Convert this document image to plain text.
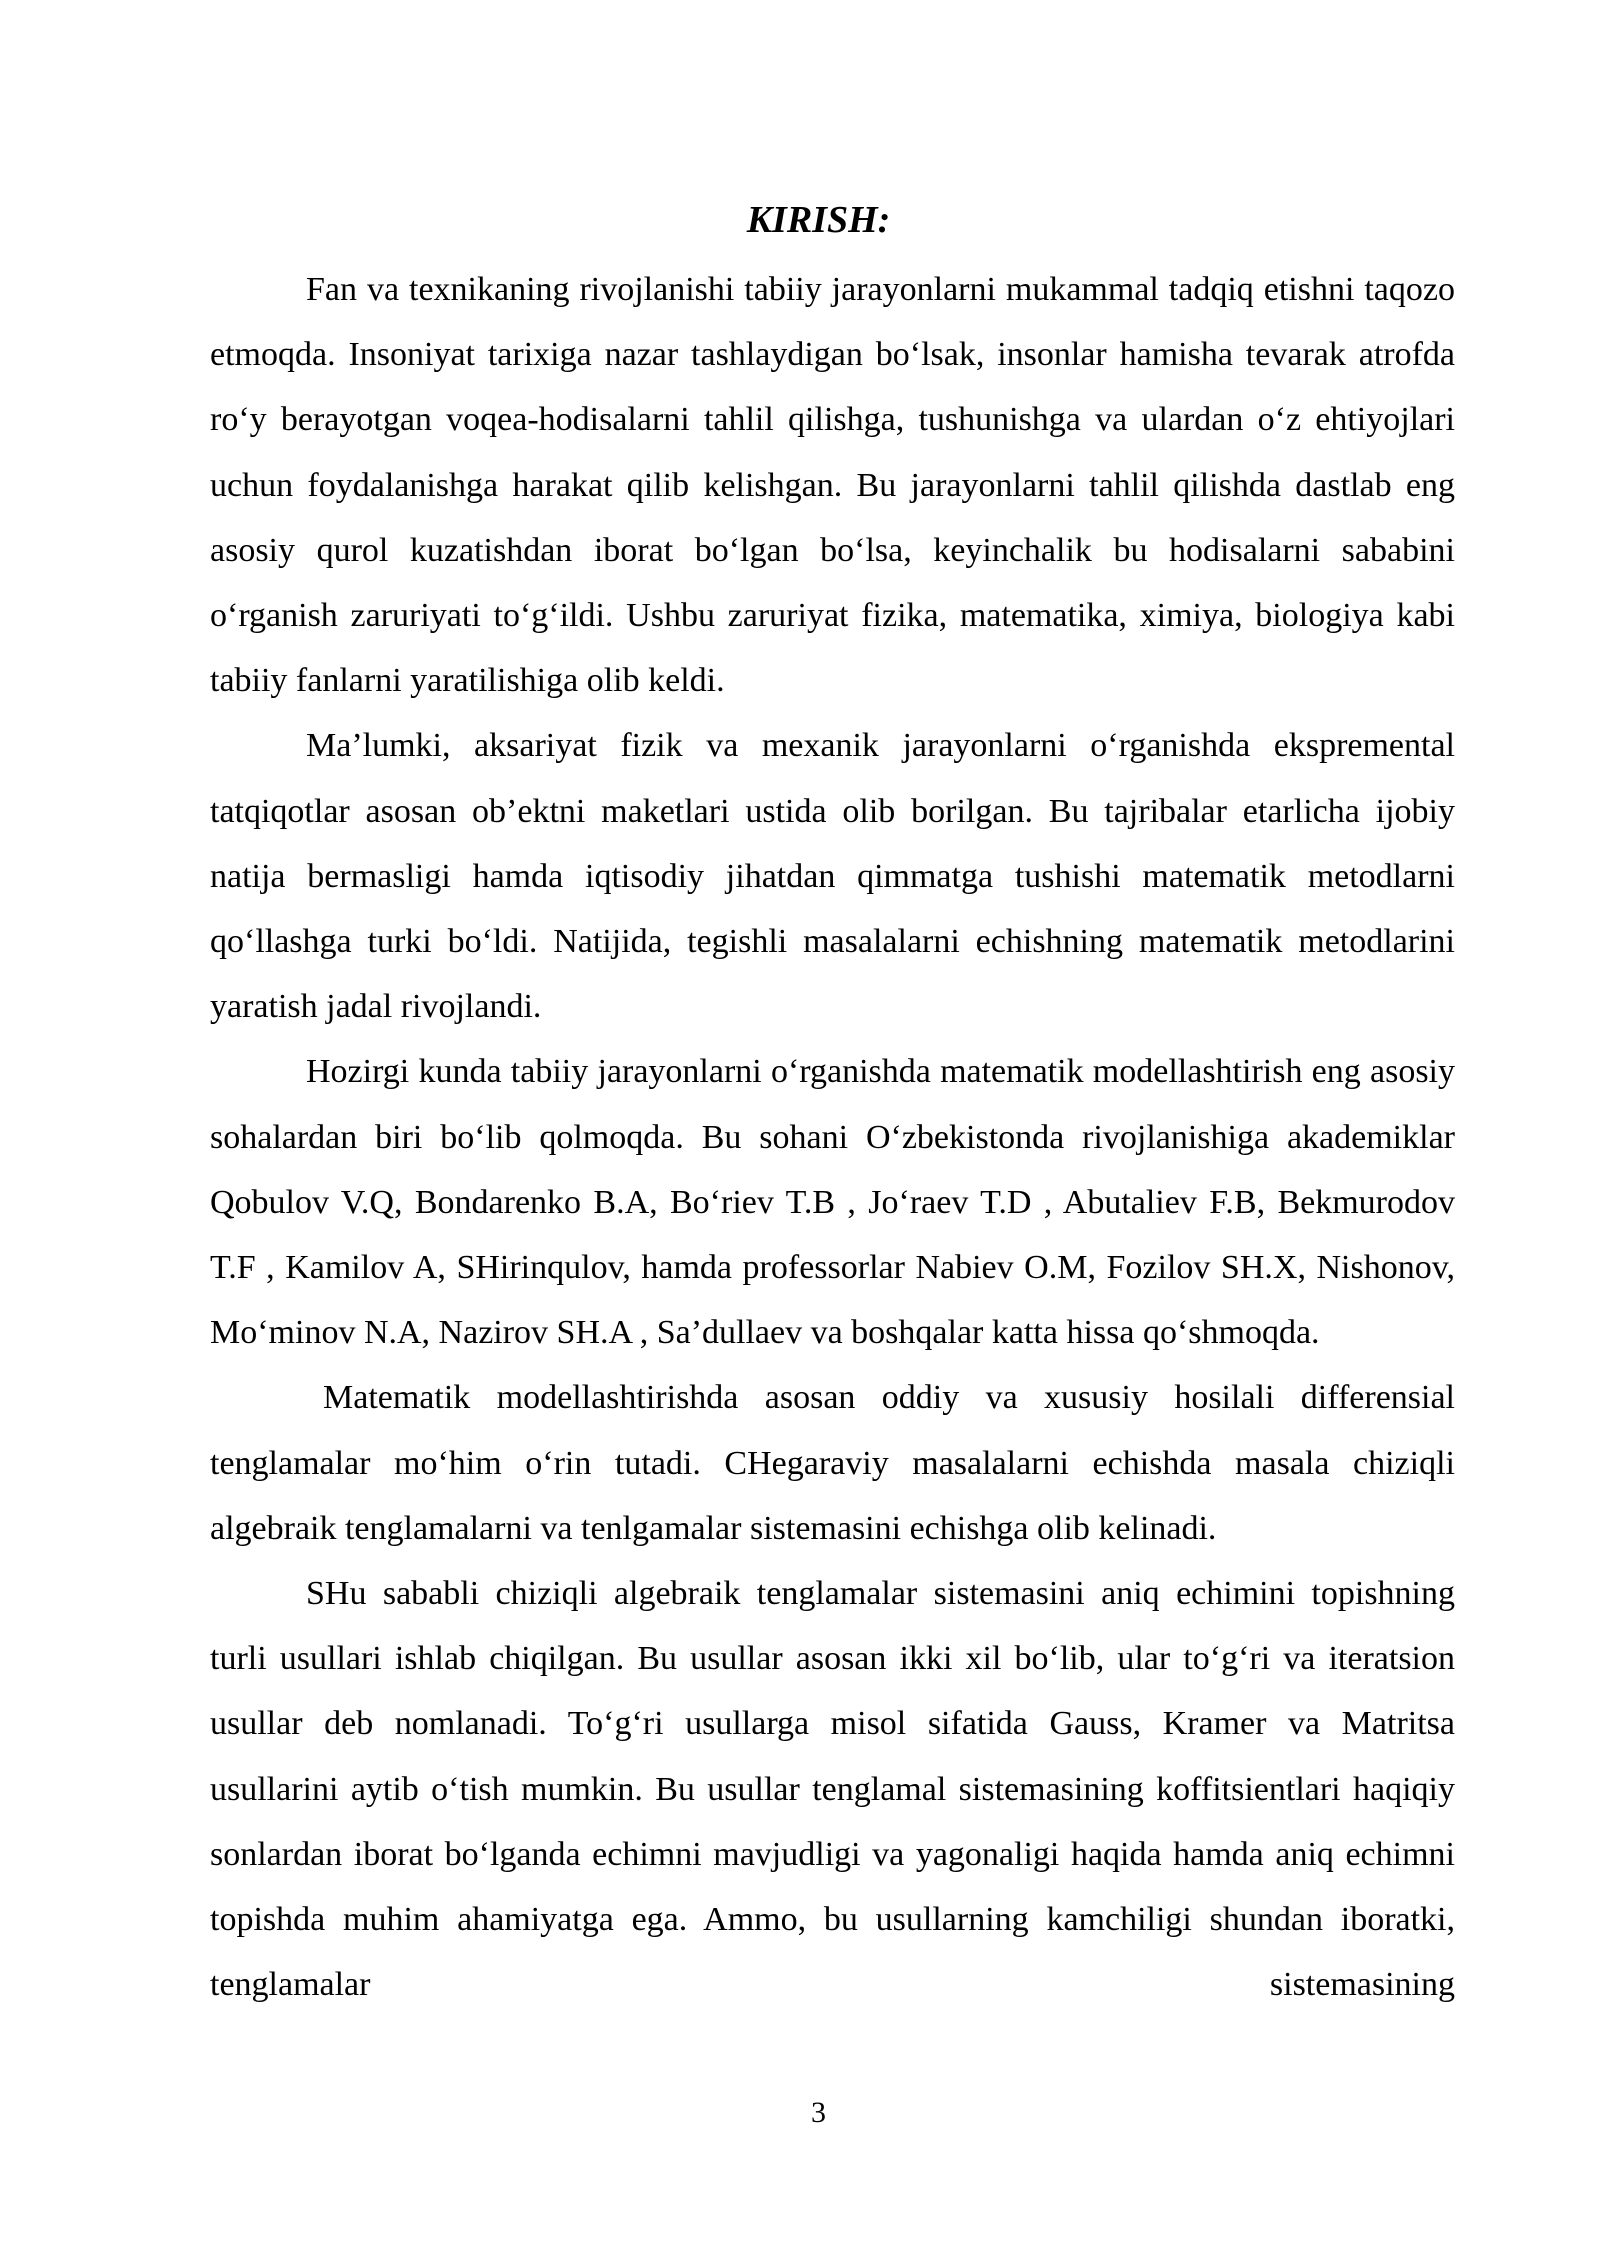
KIRISH:

Fan va texnikaning rivojlanishi tabiiy jarayonlarni mukammal tadqiq etishni taqozo etmoqda. Insoniyat tarixiga nazar tashlaydigan bo‘lsak, insonlar hamisha tevarak atrofda ro‘y berayotgan voqea-hodisalarni tahlil qilishga, tushunishga va ulardan o‘z ehtiyojlari uchun foydalanishga harakat qilib kelishgan. Bu jarayonlarni tahlil qilishda dastlab eng asosiy qurol kuzatishdan iborat bo‘lgan bo‘lsa, keyinchalik bu hodisalarni sababini o‘rganish zaruriyati to‘g‘ildi. Ushbu zaruriyat fizika, matematika, ximiya, biologiya kabi tabiiy fanlarni yaratilishiga olib keldi.

Ma’lumki, aksariyat fizik va mexanik jarayonlarni o‘rganishda ekspremental tatqiqotlar asosan ob’ektni maketlari ustida olib borilgan. Bu tajribalar etarlicha ijobiy natija bermasligi hamda iqtisodiy jihatdan qimmatga tushishi matematik metodlarni qo‘llashga turki bo‘ldi. Natijida, tegishli masalalarni echishning matematik metodlarini yaratish jadal rivojlandi.

Hozirgi kunda tabiiy jarayonlarni o‘rganishda matematik modellashtirish eng asosiy sohalardan biri bo‘lib qolmoqda. Bu sohani O‘zbekistonda rivojlanishiga akademiklar Qobulov V.Q, Bondarenko B.A, Bo‘riev T.B , Jo‘raev T.D , Abutaliev F.B, Bekmurodov T.F , Kamilov A, SHirinqulov, hamda professorlar Nabiev O.M, Fozilov SH.X, Nishonov, Mo‘minov N.A, Nazirov SH.A , Sa’dullaev va boshqalar katta hissa qo‘shmoqda.

Matematik modellashtirishda asosan oddiy va xususiy hosilali differensial tenglamalar mo‘him o‘rin tutadi. CHegaraviy masalalarni echishda masala chiziqli algebraik tenglamalarni va tenlgamalar sistemasini echishga olib kelinadi.

SHu sababli chiziqli algebraik tenglamalar sistemasini aniq echimini topishning turli usullari ishlab chiqilgan. Bu usullar asosan ikki xil bo‘lib, ular to‘g‘ri va iteratsion usullar deb nomlanadi. To‘g‘ri usullarga misol sifatida Gauss, Kramer va Matritsa usullarini aytib o‘tish mumkin. Bu usullar tenglamal sistemasining koffitsientlari haqiqiy sonlardan iborat bo‘lganda echimni mavjudligi va yagonaligi haqida hamda aniq echimni topishda muhim ahamiyatga ega. Ammo, bu usullarning kamchiligi shundan iboratki, tenglamalar sistemasining

3
